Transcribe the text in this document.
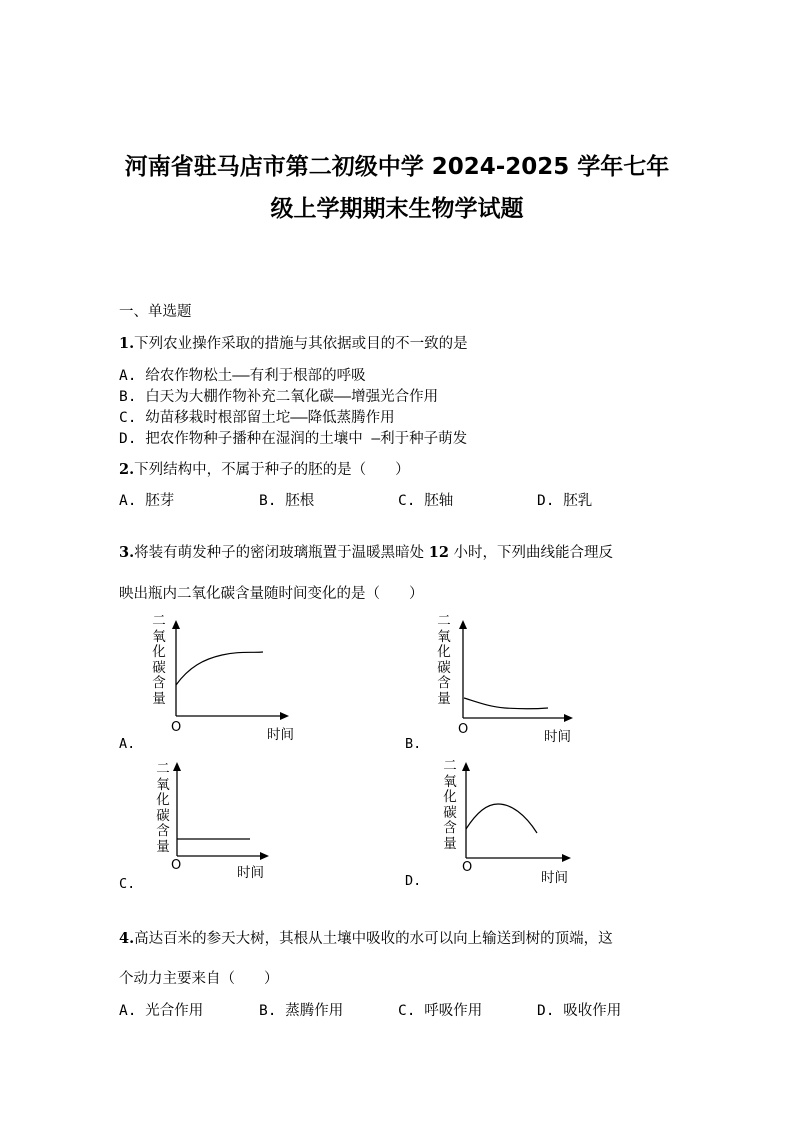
河南省驻马店市第二初级中学 2024-2025 学年七年
级上学期期末生物学试题
一、单选题
1.下列农业操作采取的措施与其依据或目的不一致的是
A. 给农作物松土——有利于根部的呼吸
B. 白天为大棚作物补充二氧化碳——增强光合作用
C. 幼苗移栽时根部留土坨——降低蒸腾作用
D. 把农作物种子播种在湿润的土壤中 —利于种子萌发
2.下列结构中，不属于种子的胚的是（　　）
A. 胚芽	B. 胚根	C. 胚轴	D. 胚乳
3.将装有萌发种子的密闭玻璃瓶置于温暖黑暗处 12 小时，下列曲线能合理反
映出瓶内二氧化碳含量随时间变化的是（　　）
二
氧
化
碳
含
量
O	时间
A.
二
氧
化
碳
含
量
O	时间
B.
二
氧
化
碳
含
量
O	时间
C.
二
氧
化
碳
含
量
O
时间
D.
4.高达百米的参天大树，其根从土壤中吸收的水可以向上输送到树的顶端，这
个动力主要来自（　　）
A. 光合作用	B. 蒸腾作用	C. 呼吸作用	D. 吸收作用
